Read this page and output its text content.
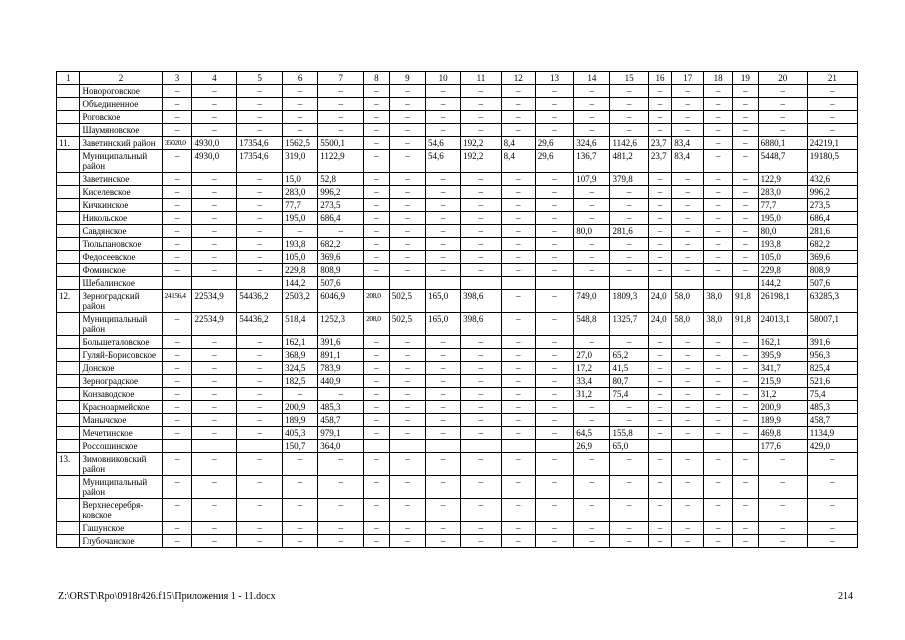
1	2	3	4	5	6	7	8	9	10	11	12	13	14	15	16	17	18	19	20	21
	Новороговское	–	–	–	–	–	–	–	–	–	–	–	–	–	–	–	–	–	–	–
	Объединенное	–	–	–	–	–	–	–	–	–	–	–	–	–	–	–	–	–	–	–
	Роговское	–	–	–	–	–	–	–	–	–	–	–	–	–	–	–	–	–	–	–
	Шаумяновское	–	–	–	–	–	–	–	–	–	–	–	–	–	–	–	–	–	–	–
11.	Заветинский район	35020,0	4930,0	17354,6	1562,5	5500,1	–	–	54,6	192,2	8,4	29,6	324,6	1142,6	23,7	83,4	–	–	6880,1	24219,1
	Муниципальный район	–	4930,0	17354,6	319,0	1122,9	–	–	54,6	192,2	8,4	29,6	136,7	481,2	23,7	83,4	–	–	5448,7	19180,5
	Заветинское	–	–	–	15,0	52,8	–	–	–	–	–	–	107,9	379,8	–	–	–	–	122,9	432,6
	Киселевское	–	–	–	283,0	996,2	–	–	–	–	–	–	–	–	–	–	–	–	283,0	996,2
	Кичкинское	–	–	–	77,7	273,5	–	–	–	–	–	–	–	–	–	–	–	–	77,7	273,5
	Никольское	–	–	–	195,0	686,4	–	–	–	–	–	–	–	–	–	–	–	–	195,0	686,4
	Савдянское	–	–	–	–	–	–	–	–	–	–	–	80,0	281,6	–	–	–	–	80,0	281,6
	Тюльпановское	–	–	–	193,8	682,2	–	–	–	–	–	–	–	–	–	–	–	–	193,8	682,2
	Федосеевское	–	–	–	105,0	369,6	–	–	–	–	–	–	–	–	–	–	–	–	105,0	369,6
	Фоминское	–	–	–	229,8	808,9	–	–	–	–	–	–	–	–	–	–	–	–	229,8	808,9
	Шебалинское				144,2	507,6													144,2	507,6
12.	Зерноградский район	24156,4	22534,9	54436,2	2503,2	6046,9	208,0	502,5	165,0	398,6	–	–	749,0	1809,3	24,0	58,0	38,0	91,8	26198,1	63285,3
	Муниципальный район	–	22534,9	54436,2	518,4	1252,3	208,0	502,5	165,0	398,6	–	–	548,8	1325,7	24,0	58,0	38,0	91,8	24013,1	58007,1
	Большеталовское	–	–	–	162,1	391,6	–	–	–	–	–	–	–	–	–	–	–	–	162,1	391,6
	Гуляй-Борисовское	–	–	–	368,9	891,1	–	–	–	–	–	–	27,0	65,2	–	–	–	–	395,9	956,3
	Донское	–	–	–	324,5	783,9	–	–	–	–	–	–	17,2	41,5	–	–	–	–	341,7	825,4
	Зерноградское	–	–	–	182,5	440,9	–	–	–	–	–	–	33,4	80,7	–	–	–	–	215,9	521,6
	Конзаводское	–	–	–	–	–	–	–	–	–	–	–	31,2	75,4	–	–	–	–	31,2	75,4
	Красноармейское	–	–	–	200,9	485,3	–	–	–	–	–	–	–	–	–	–	–	–	200,9	485,3
	Манычское	–	–	–	189,9	458,7	–	–	–	–	–	–	–	–	–	–	–	–	189,9	458,7
	Мечетинское	–	–	–	405,3	979,1	–	–	–	–	–	–	64,5	155,8	–	–	–	–	469,8	1134,9
	Россошинское				150,7	364,0							26,9	65,0					177,6	429,0
13.	Зимовниковский район	–	–	–	–	–	–	–	–	–	–	–	–	–	–	–	–	–	–	–
	Муниципальный район	–	–	–	–	–	–	–	–	–	–	–	–	–	–	–	–	–	–	–
	Верхнесеребря-ковское	–	–	–	–	–	–	–	–	–	–	–	–	–	–	–	–	–	–	–
	Гашунское	–	–	–	–	–	–	–	–	–	–	–	–	–	–	–	–	–	–	–
	Глубочанское	–	–	–	–	–	–	–	–	–	–	–	–	–	–	–	–	–	–	–
Z:\ORST\Rpo\0918r426.f15\Приложения 1 - 11.docx	214
